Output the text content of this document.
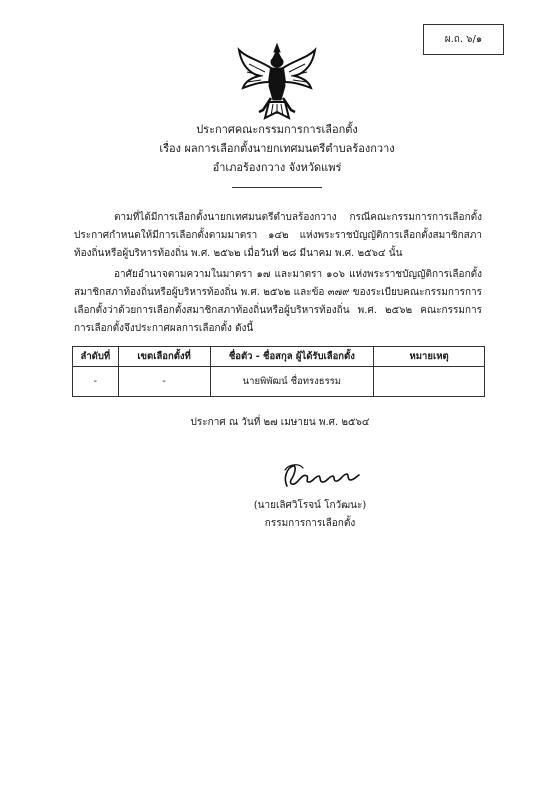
ผ.ถ. ๖/๑
ประกาศคณะกรรมการการเลือกตั้ง
เรื่อง ผลการเลือกตั้งนายกเทศมนตรีตำบลร้องกวาง
อำเภอร้องกวาง จังหวัดแพร่
ตามที่ได้มีการเลือกตั้งนายกเทศมนตรีตำบลร้องกวาง กรณีคณะกรรมการการเลือกตั้งประกาศกำหนดให้มีการเลือกตั้งตามมาตรา ๑๔๒ แห่งพระราชบัญญัติการเลือกตั้งสมาชิกสภาท้องถิ่นหรือผู้บริหารท้องถิ่น พ.ศ. ๒๕๖๒ เมื่อวันที่ ๒๘ มีนาคม พ.ศ. ๒๕๖๔ นั้น
อาศัยอำนาจตามความในมาตรา ๑๗ และมาตรา ๑๐๖ แห่งพระราชบัญญัติการเลือกตั้งสมาชิกสภาท้องถิ่นหรือผู้บริหารท้องถิ่น พ.ศ. ๒๕๖๒ และข้อ ๓๗๙ ของระเบียบคณะกรรมการการเลือกตั้งว่าด้วยการเลือกตั้งสมาชิกสภาท้องถิ่นหรือผู้บริหารท้องถิ่น พ.ศ. ๒๕๖๒ คณะกรรมการการเลือกตั้งจึงประกาศผลการเลือกตั้ง ดังนี้
ลำดับที่	เขตเลือกตั้งที่	ชื่อตัว - ชื่อสกุล ผู้ได้รับเลือกตั้ง	หมายเหตุ
-	-	นายพิพัฒน์ ชื่อทรงธรรม	
ประกาศ ณ วันที่ ๒๗ เมษายน พ.ศ. ๒๕๖๔
(นายเลิศวิโรจน์ โกวัฒนะ)
กรรมการการเลือกตั้ง
